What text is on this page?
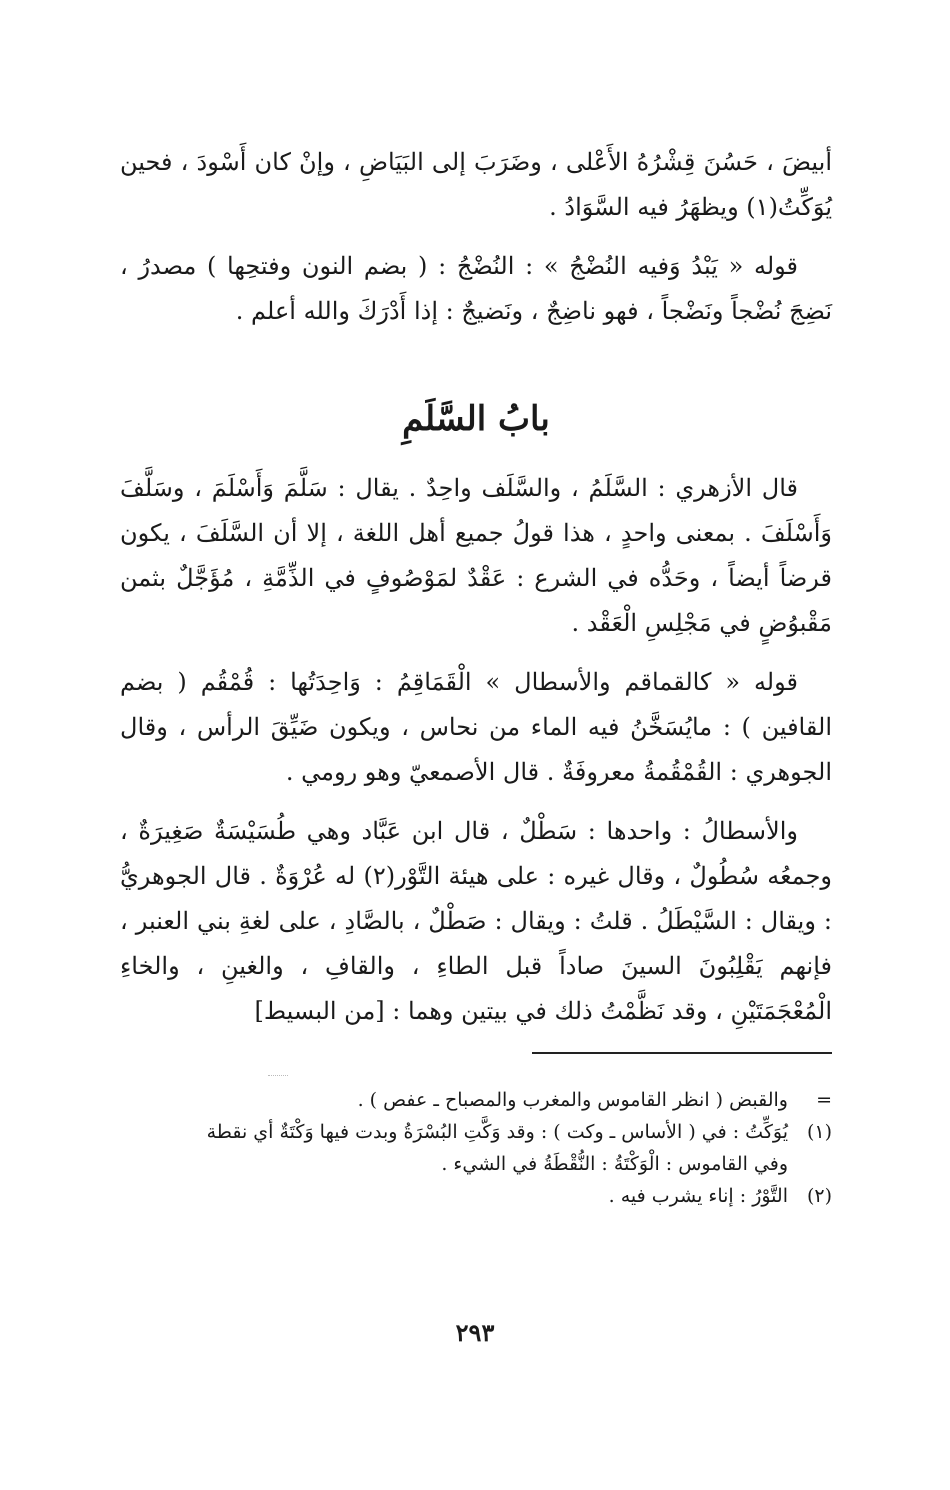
أبيضَ ، حَسُنَ قِشْرُهُ الأَعْلى ، وضَرَبَ إلى البَيَاضِ ، وإنْ كان أَسْودَ ، فحين يُوَكِّتُ(١) ويظهَرُ فيه السَّوَادُ .

قوله « يَبْدُ وَفيه النُضْجُ » : النُضْجُ : ( بضم النون وفتحِها ) مصدرُ ، نَضِجَ نُضْجاً ونَضْجاً ، فهو ناضِجٌ ، ونَضيجٌ : إذا أَدْرَكَ والله أعلم .

بابُ السَّلَمِ

قال الأزهري : السَّلَمُ ، والسَّلَف واحِدٌ . يقال : سَلَّمَ وَأَسْلَمَ ، وسَلَّفَ وَأَسْلَفَ . بمعنى واحدٍ ، هذا قولُ جميع أهل اللغة ، إلا أن السَّلَفَ ، يكون قرضاً أيضاً ، وحَدُّه في الشرع : عَقْدٌ لمَوْصُوفٍ في الذِّمَّةِ ، مُؤَجَّلٌ بثمن مَقْبوُضٍ في مَجْلِسِ الْعَقْد .

قوله « كالقماقم والأسطال » الْقَمَاقِمُ : وَاحِدَتُها : قُمْقُم ( بضم القافين ) : مايُسَخَّنُ فيه الماء من نحاس ، ويكون ضَيِّقَ الرأس ، وقال الجوهري : القُمْقُمةُ معروفَةٌ . قال الأصمعيّ وهو رومي .

والأسطالُ : واحدها : سَطْلٌ ، قال ابن عَبَّاد وهي طُسَيْسَةٌ صَغِيرَةٌ ، وجمعُه سُطُولٌ ، وقال غيره : على هيئة التَّوْر(٢) له عُرْوَةٌ . قال الجوهريُّ : ويقال : السَّيْطَلُ . قلتُ : ويقال : صَطْلٌ ، بالصَّادِ ، على لغةِ بني العنبر ، فإنهم يَقْلِبُونَ السينَ صاداً قبل الطاءِ ، والقافِ ، والغينِ ، والخاءِ الْمُعْجَمَتَيْنِ ، وقد نَظَّمْتُ ذلك في بيتين وهما : [من البسيط]

=
والقبض ( انظر القاموس والمغرب والمصباح ـ عفص ) .
(١)
يُوَكِّتُ : في ( الأساس ـ وكت ) : وقد وَكَّتِ البُسْرَةُ وبدت فيها وَكْتَةٌ أي نقطة
وفي القاموس : الْوَكْتَةُ : النُّقْطَةُ في الشيء .
(٢)
التَّوْرُ : إناء يشرب فيه .
٢٩٣
